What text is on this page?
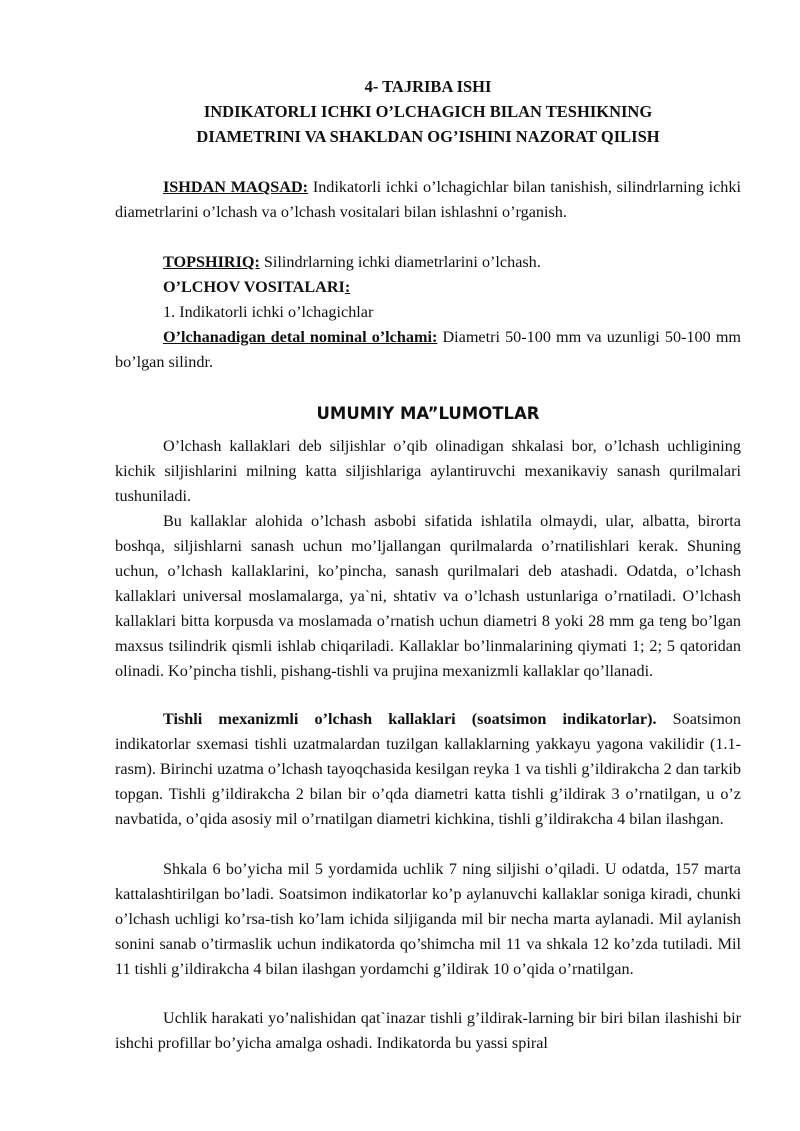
4- TAJRIBA ISHI
INDIKATORLI ICHKI O’LCHAGICH BILAN TESHIKNING
DIAMETRINI VA SHAKLDAN OG’ISHINI NAZORAT QILISH

ISHDAN MAQSAD: Indikatorli ichki o’lchagichlar bilan tanishish, silindrlarning ichki diametrlarini o’lchash va o’lchash vositalari bilan ishlashni o’rganish.

TOPSHIRIQ: Silindrlarning ichki diametrlarini o’lchash.
O’LCHOV VOSITALARI:
1. Indikatorli ichki o’lchagichlar

O’lchanadigan detal nominal o’lchami: Diametri 50-100 mm va uzunligi 50-100 mm bo’lgan silindr.

UMUMIY MA”LUMOTLAR

O’lchash kallaklari deb siljishlar o’qib olinadigan shkalasi bor, o’lchash uchligining kichik siljishlarini milning katta siljishlariga aylantiruvchi mexanikaviy sanash qurilmalari tushuniladi.

Bu kallaklar alohida o’lchash asbobi sifatida ishlatila olmaydi, ular, albatta, birorta boshqa, siljishlarni sanash uchun mo’ljallangan qurilmalarda o’rnatilishlari kerak. Shuning uchun, o’lchash kallaklarini, ko’pincha, sanash qurilmalari deb atashadi. Odatda, o’lchash kallaklari universal moslamalarga, ya`ni, shtativ va o’lchash ustunlariga o’rnatiladi. O’lchash kallaklari bitta korpusda va moslamada o’rnatish uchun diametri 8 yoki 28 mm ga teng bo’lgan maxsus tsilindrik qismli ishlab chiqariladi. Kallaklar bo’linmalarining qiymati 1; 2; 5 qatoridan olinadi. Ko’pincha tishli, pishang-tishli va prujina mexanizmli kallaklar qo’llanadi.

Tishli mexanizmli o’lchash kallaklari (soatsimon indikatorlar). Soatsimon indikatorlar sxemasi tishli uzatmalardan tuzilgan kallaklarning yakkayu yagona vakilidir (1.1-rasm). Birinchi uzatma o’lchash tayoqchasida kesilgan reyka 1 va tishli g’ildirakcha 2 dan tarkib topgan. Tishli g’ildirakcha 2 bilan bir o’qda diametri katta tishli g’ildirak 3 o’rnatilgan, u o’z navbatida, o’qida asosiy mil o’rnatilgan diametri kichkina, tishli g’ildirakcha 4 bilan ilashgan.

Shkala 6 bo’yicha mil 5 yordamida uchlik 7 ning siljishi o’qiladi. U odatda, 157 marta kattalashtirilgan bo’ladi. Soatsimon indikatorlar ko’p aylanuvchi kallaklar soniga kiradi, chunki o’lchash uchligi ko’rsa-tish ko’lam ichida siljiganda mil bir necha marta aylanadi. Mil aylanish sonini sanab o’tirmaslik uchun indikatorda qo’shimcha mil 11 va shkala 12 ko’zda tutiladi. Mil 11 tishli g’ildirakcha 4 bilan ilashgan yordamchi g’ildirak 10 o’qida o’rnatilgan.

Uchlik harakati yo’nalishidan qat`inazar tishli g’ildirak-larning bir biri bilan ilashishi bir ishchi profillar bo’yicha amalga oshadi. Indikatorda bu yassi spiral
